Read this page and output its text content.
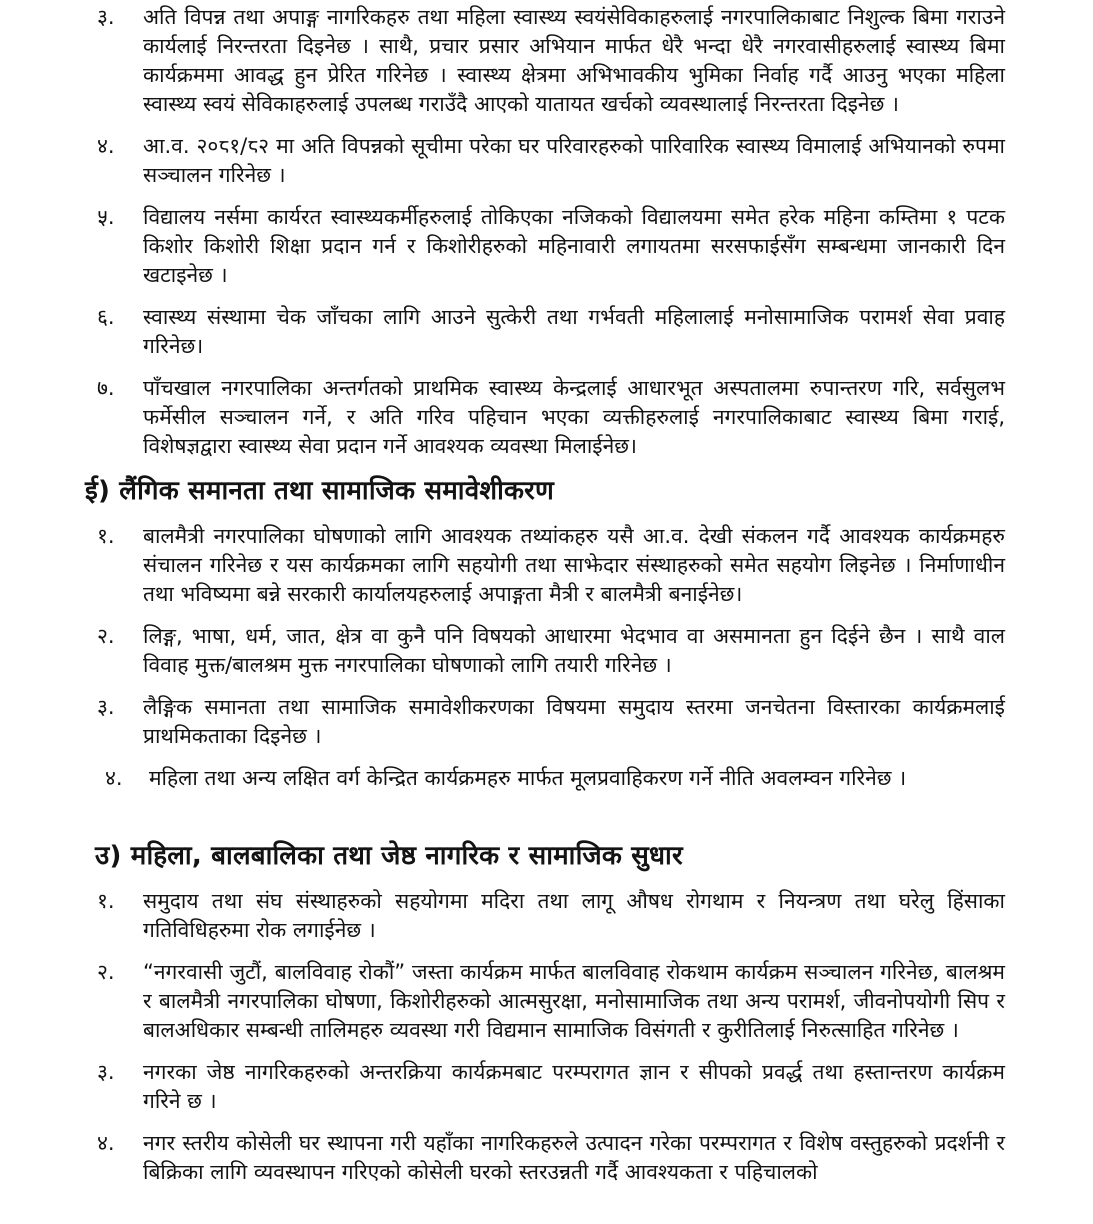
३.	अति विपन्न तथा अपाङ्ग नागरिकहरु तथा महिला स्वास्थ्य स्वयंसेविकाहरुलाई नगरपालिकाबाट निशुल्क बिमा गराउने कार्यलाई निरन्तरता दिइनेछ । साथै, प्रचार प्रसार अभियान मार्फत धेरै भन्दा धेरै नगरवासीहरुलाई स्वास्थ्य बिमा कार्यक्रममा आवद्ध हुन प्रेरित गरिनेछ । स्वास्थ्य क्षेत्रमा अभिभावकीय भुमिका निर्वाह गर्दै आउनु भएका महिला स्वास्थ्य स्वयं सेविकाहरुलाई उपलब्ध गराउँदै आएको यातायत खर्चको व्यवस्थालाई निरन्तरता दिइनेछ ।
४.	आ.व. २०८१/८२ मा अति विपन्नको सूचीमा परेका घर परिवारहरुको पारिवारिक स्वास्थ्य विमालाई अभियानको रुपमा सञ्चालन गरिनेछ ।
५.	विद्यालय नर्समा कार्यरत स्वास्थ्यकर्मीहरुलाई तोकिएका नजिकको विद्यालयमा समेत हरेक महिना कम्तिमा १ पटक किशोर किशोरी शिक्षा प्रदान गर्न र किशोरीहरुको महिनावारी लगायतमा सरसफाईसँग सम्बन्धमा जानकारी दिन खटाइनेछ ।
६.	स्वास्थ्य संस्थामा चेक जाँचका लागि आउने सुत्केरी तथा गर्भवती महिलालाई मनोसामाजिक परामर्श सेवा प्रवाह गरिनेछ।
७.	पाँचखाल नगरपालिका अन्तर्गतको प्राथमिक स्वास्थ्य केन्द्रलाई आधारभूत अस्पतालमा रुपान्तरण गरि, सर्वसुलभ फर्मेसील सञ्चालन गर्ने, र अति गरिव पहिचान भएका व्यक्तीहरुलाई नगरपालिकाबाट स्वास्थ्य बिमा गराई, विशेषज्ञद्वारा स्वास्थ्य सेवा प्रदान गर्ने आवश्यक व्यवस्था मिलाईनेछ।
ई) लैंगिक समानता तथा सामाजिक समावेशीकरण
१.	बालमैत्री नगरपालिका घोषणाको लागि आवश्यक तथ्यांकहरु यसै आ.व. देखी संकलन गर्दै आवश्यक कार्यक्रमहरु संचालन गरिनेछ र यस कार्यक्रमका लागि सहयोगी तथा साझेदार संस्थाहरुको समेत सहयोग लिइनेछ । निर्माणाधीन तथा भविष्यमा बन्ने सरकारी कार्यालयहरुलाई अपाङ्गता मैत्री र बालमैत्री बनाईनेछ।
२.	लिङ्ग, भाषा, धर्म, जात, क्षेत्र वा कुनै पनि विषयको आधारमा भेदभाव वा असमानता हुन दिईने छैन । साथै वाल विवाह मुक्त/बालश्रम मुक्त नगरपालिका घोषणाको लागि तयारी गरिनेछ ।
३.	लैङ्गिक समानता तथा सामाजिक समावेशीकरणका विषयमा समुदाय स्तरमा जनचेतना विस्तारका कार्यक्रमलाई प्राथमिकताका दिइनेछ ।
४.	महिला तथा अन्य लक्षित वर्ग केन्द्रित कार्यक्रमहरु मार्फत मूलप्रवाहिकरण गर्ने नीति अवलम्वन गरिनेछ ।
उ) महिला, बालबालिका तथा जेष्ठ नागरिक र सामाजिक सुधार
१.	समुदाय तथा संघ संस्थाहरुको सहयोगमा मदिरा तथा लागू औषध रोगथाम र नियन्त्रण तथा घरेलु हिंसाका गतिविधिहरुमा रोक लगाईनेछ ।
२.	“नगरवासी जुटौं, बालविवाह रोकौं” जस्ता कार्यक्रम मार्फत बालविवाह रोकथाम कार्यक्रम सञ्चालन गरिनेछ, बालश्रम र बालमैत्री नगरपालिका घोषणा, किशोरीहरुको आत्मसुरक्षा, मनोसामाजिक तथा अन्य परामर्श, जीवनोपयोगी सिप र बालअधिकार सम्बन्धी तालिमहरु व्यवस्था गरी विद्यमान सामाजिक विसंगती र कुरीतिलाई निरुत्साहित गरिनेछ ।
३.	नगरका जेष्ठ नागरिकहरुको अन्तरक्रिया कार्यक्रमबाट परम्परागत ज्ञान र सीपको प्रवर्द्ध तथा हस्तान्तरण कार्यक्रम गरिने छ ।
४.	नगर स्तरीय कोसेली घर स्थापना गरी यहाँका नागरिकहरुले उत्पादन गरेका परम्परागत र विशेष वस्तुहरुको प्रदर्शनी र बिक्रिका लागि व्यवस्थापन गरिएको कोसेली घरको स्तरउन्नती गर्दै आवश्यकता र पहिचालको
